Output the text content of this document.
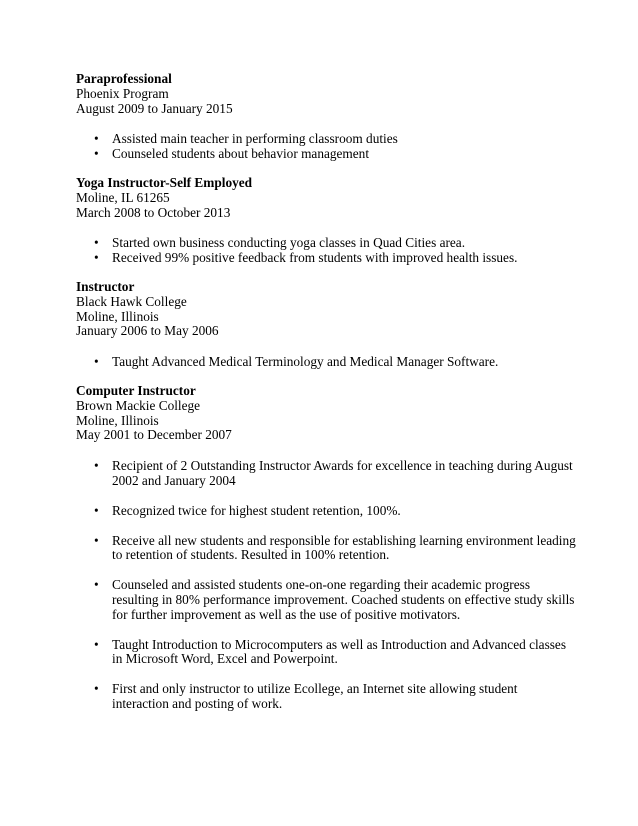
Paraprofessional
Phoenix Program
August 2009 to January 2015
• Assisted main teacher in performing classroom duties
• Counseled students about behavior management
Yoga Instructor-Self Employed
Moline, IL 61265
March 2008 to October 2013
• Started own business conducting yoga classes in Quad Cities area.
• Received 99% positive feedback from students with improved health issues.
Instructor
Black Hawk College
Moline, Illinois
January 2006 to May 2006
• Taught Advanced Medical Terminology and Medical Manager Software.
Computer Instructor
Brown Mackie College
Moline, Illinois
May 2001 to December 2007
• Recipient of 2 Outstanding Instructor Awards for excellence in teaching during August 2002 and January 2004
• Recognized twice for highest student retention, 100%.
• Receive all new students and responsible for establishing learning environment leading to retention of students. Resulted in 100% retention.
• Counseled and assisted students one-on-one regarding their academic progress resulting in 80% performance improvement. Coached students on effective study skills for further improvement as well as the use of positive motivators.
• Taught Introduction to Microcomputers as well as Introduction and Advanced classes in Microsoft Word, Excel and Powerpoint.
• First and only instructor to utilize Ecollege, an Internet site allowing student interaction and posting of work.
